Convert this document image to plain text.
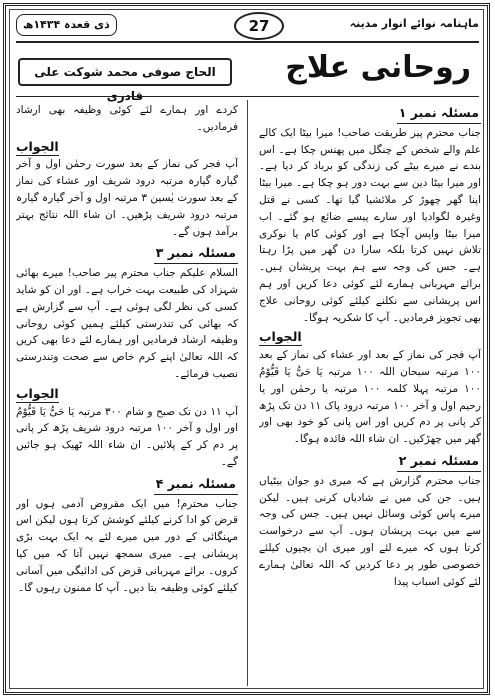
ماہنامہ نوائے انوار مدینہ
27
ذی قعدہ ۱۴۳۴ھ
روحانی علاج
الحاج صوفی محمد شوکت علی قادری
مسئلہ نمبر ۱

جناب محترم پیر طریقت صاحب! میرا بیٹا ایک کالے علم والے شخص کے چنگل میں پھنس چکا ہے۔ اس بندے نے میرے بیٹے کی زندگی کو برباد کر دیا ہے۔ اور میرا بیٹا دین سے بہت دور ہو چکا ہے۔ میرا بیٹا اپنا گھر چھوڑ کر ملائشیا گیا تھا۔ کسی نے قتل وغیرہ لگوادیا اور سارے پیسے ضائع ہو گئے۔ اب میرا بیٹا واپس آچکا ہے اور کوئی کام یا نوکری تلاش نہیں کرتا بلکہ سارا دن گھر میں پڑا رہتا ہے۔ جس کی وجہ سے ہم بہت پریشان ہیں۔ برائے مہربانی ہمارے لئے کوئی دعا کریں اور ہم اس پریشانی سے نکلنے کیلئے کوئی روحانی علاج بھی تجویز فرمادیں۔ آپ کا شکریہ ہوگا۔

الجواب

آپ فجر کی نماز کے بعد اور عشاء کی نماز کے بعد ۱۰۰ مرتبہ سبحان اللہ ۱۰۰ مرتبہ یَا حَیُّ یَا قَیُّوْمُ ۱۰۰ مرتبہ پہلا کلمہ ۱۰۰ مرتبہ یا رحمٰن اور یا رحیم اول و آخر ۱۰۰ مرتبہ درود پاک ۱۱ دن تک پڑھ کر پانی پر دم کریں اور اس پانی کو خود بھی اور گھر میں چھڑکیں۔ ان شاء اللہ فائدہ ہوگا۔

مسئلہ نمبر ۲

جناب محترم گزارش ہے کہ میری دو جوان بیٹیاں ہیں۔ جن کی میں نے شادیاں کرنی ہیں۔ لیکن میرے پاس کوئی وسائل نہیں ہیں۔ جس کی وجہ سے میں بہت پریشان ہوں۔ آپ سے درخواست کرتا ہوں کہ میرے لئے اور میری ان بچیوں کیلئے خصوصی طور پر دعا کردیں کہ اللہ تعالیٰ ہمارے لئے کوئی اسباب پیدا

کردے اور ہمارے لئے کوئی وظیفہ بھی ارشاد فرمادیں۔

الجواب

آپ فجر کی نماز کے بعد سورت رحمٰن اول و آخر گیارہ گیارہ مرتبہ درود شریف اور عشاء کی نماز کے بعد سورت یٰسین ۳ مرتبہ اول و آخر گیارہ گیارہ مرتبہ درود شریف پڑھیں۔ ان شاء اللہ نتائج بہتر برآمد ہوں گے۔

مسئلہ نمبر ۳

السلام علیکم جناب محترم پیر صاحب! میرے بھائی شہزاد کی طبیعت بہت خراب ہے۔ اور ان کو شاید کسی کی نظر لگی ہوئی ہے۔ آپ سے گزارش ہے کہ بھائی کی تندرستی کیلئے ہمیں کوئی روحانی وظیفہ ارشاد فرمادیں اور ہمارے لئے دعا بھی کریں کہ اللہ تعالیٰ اپنے کرم خاص سے صحت وتندرستی نصیب فرمائے۔

الجواب

آپ ۱۱ دن تک صبح و شام ۳۰۰ مرتبہ یَا حَیُّ یَا قَیُّوْمُ اور اول و آخر ۱۰۰ مرتبہ درود شریف پڑھ کر پانی پر دم کر کے پلائیں۔ ان شاء اللہ ٹھیک ہو جائیں گے۔

مسئلہ نمبر ۴

جناب محترم! میں ایک مقروض آدمی ہوں اور قرض کو ادا کرنے کیلئے کوشش کرتا ہوں لیکن اس مہنگائی کے دور میں میرے لئے یہ ایک بہت بڑی پریشانی ہے۔ میری سمجھ نہیں آتا کہ میں کیا کروں۔ برائے مہربانی قرض کی ادائیگی میں آسانی کیلئے کوئی وظیفہ بتا دیں۔ آپ کا ممنون رہوں گا۔
